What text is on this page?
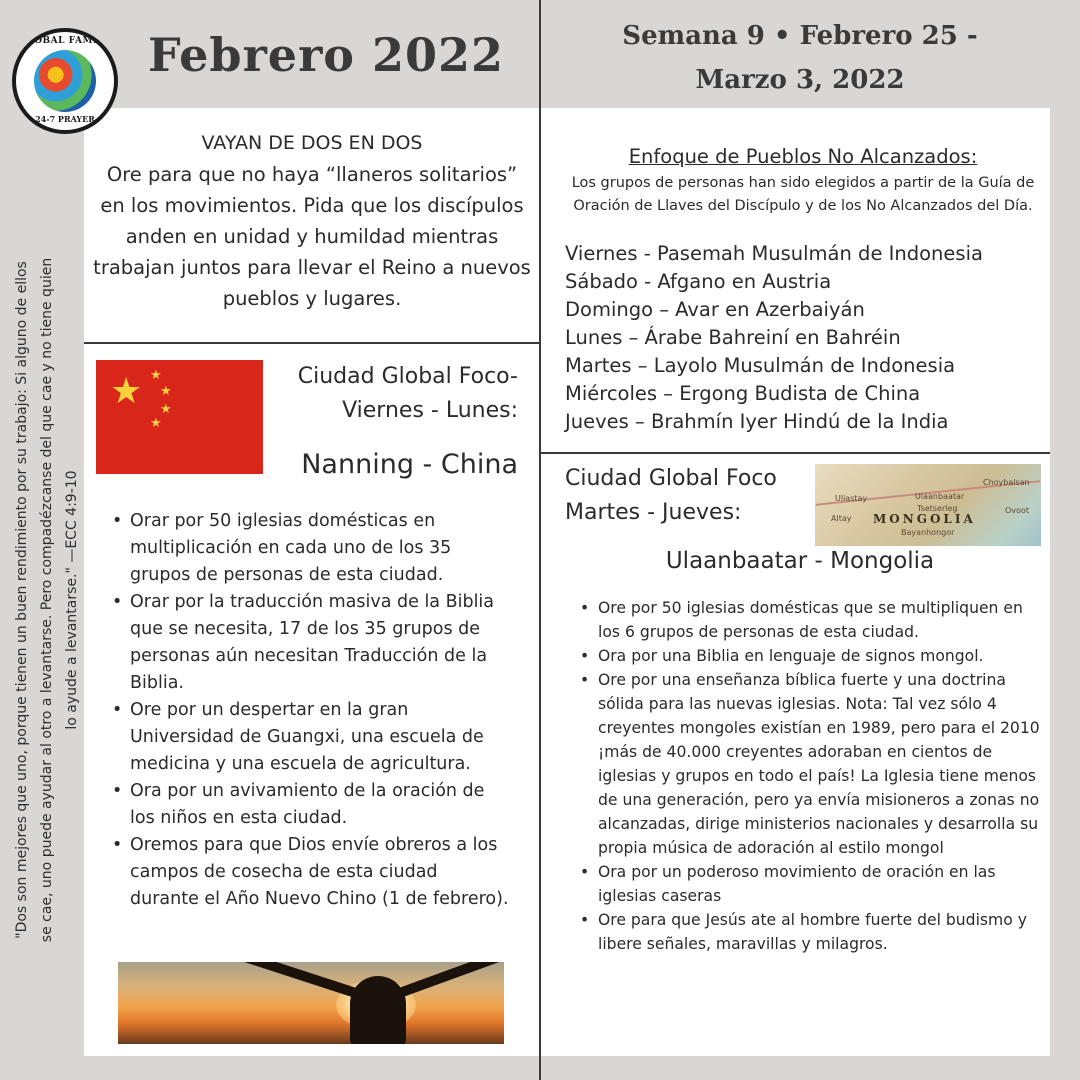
GLOBAL FAMILY
24-7 PRAYER
Febrero 2022	Semana 9 • Febrero 25 -
Marzo 3, 2022
"Dos son mejores que uno, porque tienen un buen rendimiento por su trabajo: Si alguno de ellos se cae, uno puede ayudar al otro a levantarse. Pero compadézcanse del que cae y no tiene quien lo ayude a levantarse." —ECC 4:9-10
VAYAN DE DOS EN DOS
Ore para que no haya “llaneros solitarios” en los movimientos. Pida que los discípulos anden en unidad y humildad mientras trabajan juntos para llevar el Reino a nuevos pueblos y lugares.
★ ★
★
★
★
Ciudad Global Foco-
Viernes - Lunes:
Nanning - China
• Orar por 50 iglesias domésticas en multiplicación en cada uno de los 35 grupos de personas de esta ciudad.
• Orar por la traducción masiva de la Biblia que se necesita, 17 de los 35 grupos de personas aún necesitan Traducción de la Biblia.
• Ore por un despertar en la gran Universidad de Guangxi, una escuela de medicina y una escuela de agricultura.
• Ora por un avivamiento de la oración de los niños en esta ciudad.
• Oremos para que Dios envíe obreros a los campos de cosecha de esta ciudad durante el Año Nuevo Chino (1 de febrero).
Enfoque de Pueblos No Alcanzados:
Los grupos de personas han sido elegidos a partir de la Guía de Oración de Llaves del Discípulo y de los No Alcanzados del Día.
Viernes - Pasemah Musulmán de Indonesia
Sábado - Afgano en Austria
Domingo – Avar en Azerbaiyán
Lunes – Árabe Bahreiní en Bahréin
Martes – Layolo Musulmán de Indonesia
Miércoles – Ergong Budista de China
Jueves – Brahmín Iyer Hindú de la India
Ciudad Global Foco
Martes - Jueves:
Uliastay
Choybalsan
Ulaanbaatar
Tsetserleg
Altay
Ovoot
Bayanhongor
MONGOLIA
Ulaanbaatar - Mongolia
• Ore por 50 iglesias domésticas que se multipliquen en los 6 grupos de personas de esta ciudad.
• Ora por una Biblia en lenguaje de signos mongol.
• Ore por una enseñanza bíblica fuerte y una doctrina sólida para las nuevas iglesias. Nota: Tal vez sólo 4 creyentes mongoles existían en 1989, pero para el 2010 ¡más de 40.000 creyentes adoraban en cientos de iglesias y grupos en todo el país! La Iglesia tiene menos de una generación, pero ya envía misioneros a zonas no alcanzadas, dirige ministerios nacionales y desarrolla su propia música de adoración al estilo mongol
• Ora por un poderoso movimiento de oración en las iglesias caseras
• Ore para que Jesús ate al hombre fuerte del budismo y libere señales, maravillas y milagros.
